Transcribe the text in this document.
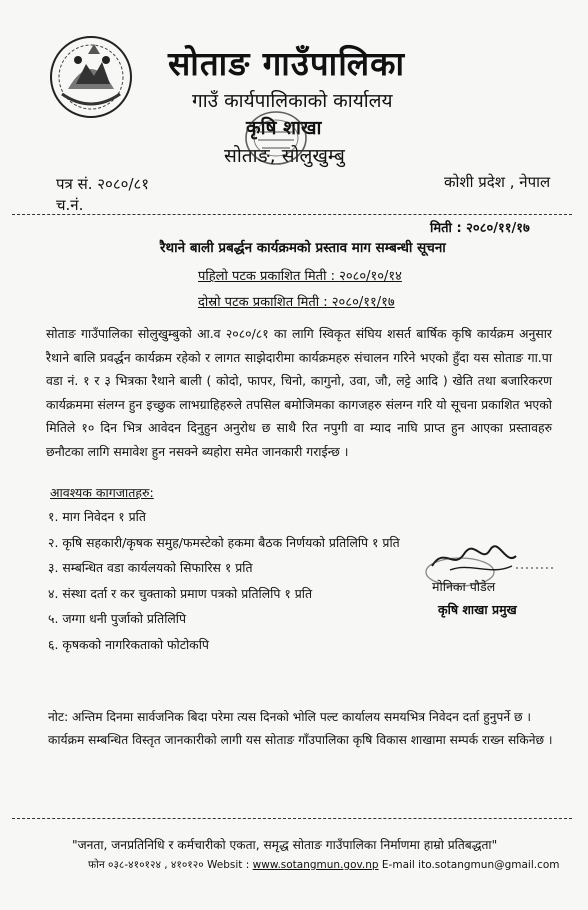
सोताङ गाउँपालिका
गाउँ कार्यपालिकाको कार्यालय
कृषि शाखा
सोताङ, सोलुखुम्बु
पत्र सं. २०८०/८१
च.नं.
कोशी प्रदेश , नेपाल
मिती : २०८०/११/१७
रैथाने बाली प्रबर्द्धन कार्यक्रमको प्रस्ताव माग सम्बन्धी सूचना
पहिलो पटक प्रकाशित मिती : २०८०/१०/१४
दोस्रो पटक प्रकाशित मिती : २०८०/११/१७
सोताङ गाउँपालिका सोलुखुम्बुको आ.व २०८०/८१ का लागि स्विकृत संघिय शसर्त बार्षिक कृषि कार्यक्रम अनुसार रैथाने बालि प्रवर्द्धन कार्यक्रम रहेको र लागत साझेदारीमा कार्यक्रमहरु संचालन गरिने भएको हुँदा यस सोताङ गा.पा वडा नं. १ र ३ भित्रका रैथाने बाली ( कोदो, फापर, चिनो, कागुनो, उवा, जौ, लट्टे आदि ) खेति तथा बजारिकरण कार्यक्रममा संलग्न हुन इच्छुक लाभग्राहिहरुले तपसिल बमोजिमका कागजहरु संलग्न गरि यो सूचना प्रकाशित भएको मितिले १० दिन भित्र आवेदन दिनुहुन अनुरोध छ साथै रित नपुगी वा म्याद नाघि प्राप्त हुन आएका प्रस्तावहरु छनौटका लागि समावेश हुन नसक्ने ब्यहोरा समेत जानकारी गराईन्छ ।
आवश्यक कागजातहरु:
१. माग निवेदन १ प्रति
२. कृषि सहकारी/कृषक समुह/फमस्टेको हकमा बैठक निर्णयको प्रतिलिपि १ प्रति
३. सम्बन्धित वडा कार्यलयको सिफारिस १ प्रति
४. संस्था दर्ता र कर चुक्ताको प्रमाण पत्रको प्रतिलिपि १ प्रति
५. जग्गा धनी पुर्जाको प्रतिलिपि
६. कृषकको नागरिकताको फोटोकपि
मोनिका पौडेल
कृषि शाखा प्रमुख
नोट: अन्तिम दिनमा सार्वजनिक बिदा परेमा त्यस दिनको भोलि पल्ट कार्यालय समयभित्र निवेदन दर्ता हुनुपर्ने छ ।
कार्यक्रम सम्बन्धित विस्तृत जानकारीको लागी यस सोताङ गाँउपालिका कृषि विकास शाखामा सम्पर्क राख्न सकिनेछ ।
"जनता, जनप्रतिनिधि र कर्मचारीको एकता, समृद्ध सोताङ गाउँपालिका निर्माणमा हाम्रो प्रतिबद्धता"
फोन ०३८-४१०१२४ , ४१०१२० Websit : www.sotangmun.gov.np E-mail ito.sotangmun@gmail.com
